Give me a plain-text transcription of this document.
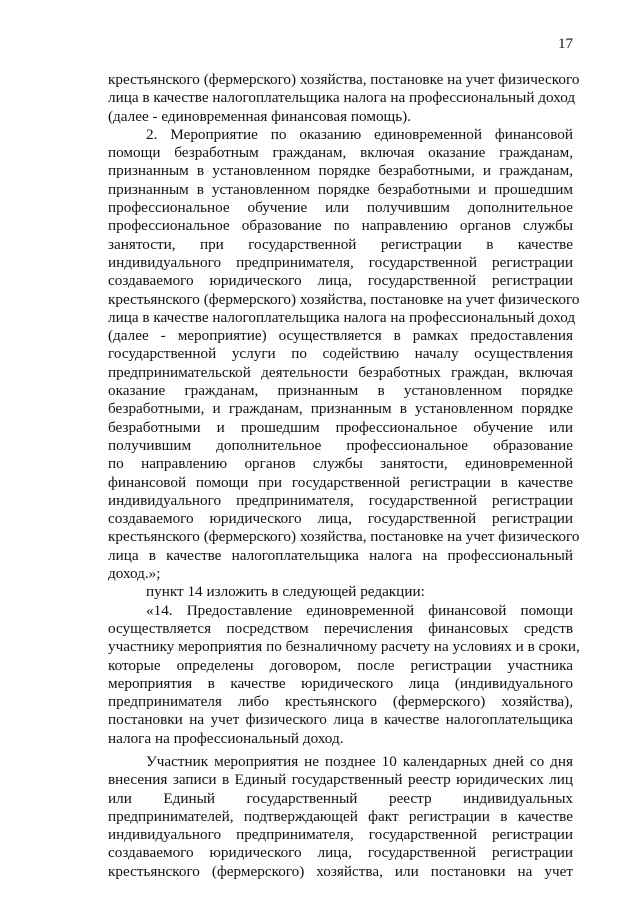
17
крестьянского (фермерского) хозяйства, постановке на учет физического
лица в качестве налогоплательщика налога на профессиональный доход
(далее - единовременная финансовая помощь).
2. Мероприятие по оказанию единовременной финансовой
помощи безработным гражданам, включая оказание гражданам,
признанным в установленном порядке безработными, и гражданам,
признанным в установленном порядке безработными и прошедшим
профессиональное обучение или получившим дополнительное
профессиональное образование по направлению органов службы
занятости, при государственной регистрации в качестве
индивидуального предпринимателя, государственной регистрации
создаваемого юридического лица, государственной регистрации
крестьянского (фермерского) хозяйства, постановке на учет физического
лица в качестве налогоплательщика налога на профессиональный доход
(далее - мероприятие) осуществляется в рамках предоставления
государственной услуги по содействию началу осуществления
предпринимательской деятельности безработных граждан, включая
оказание гражданам, признанным в установленном порядке
безработными, и гражданам, признанным в установленном порядке
безработными и прошедшим профессиональное обучение или
получившим дополнительное профессиональное образование
по направлению органов службы занятости, единовременной
финансовой помощи при государственной регистрации в качестве
индивидуального предпринимателя, государственной регистрации
создаваемого юридического лица, государственной регистрации
крестьянского (фермерского) хозяйства, постановке на учет физического
лица в качестве налогоплательщика налога на профессиональный
доход.»;
пункт 14 изложить в следующей редакции:
«14. Предоставление единовременной финансовой помощи
осуществляется посредством перечисления финансовых средств
участнику мероприятия по безналичному расчету на условиях и в сроки,
которые определены договором, после регистрации участника
мероприятия в качестве юридического лица (индивидуального
предпринимателя либо крестьянского (фермерского) хозяйства),
постановки на учет физического лица в качестве налогоплательщика
налога на профессиональный доход.
Участник мероприятия не позднее 10 календарных дней со дня
внесения записи в Единый государственный реестр юридических лиц
или Единый государственный реестр индивидуальных
предпринимателей, подтверждающей факт регистрации в качестве
индивидуального предпринимателя, государственной регистрации
создаваемого юридического лица, государственной регистрации
крестьянского (фермерского) хозяйства, или постановки на учет
